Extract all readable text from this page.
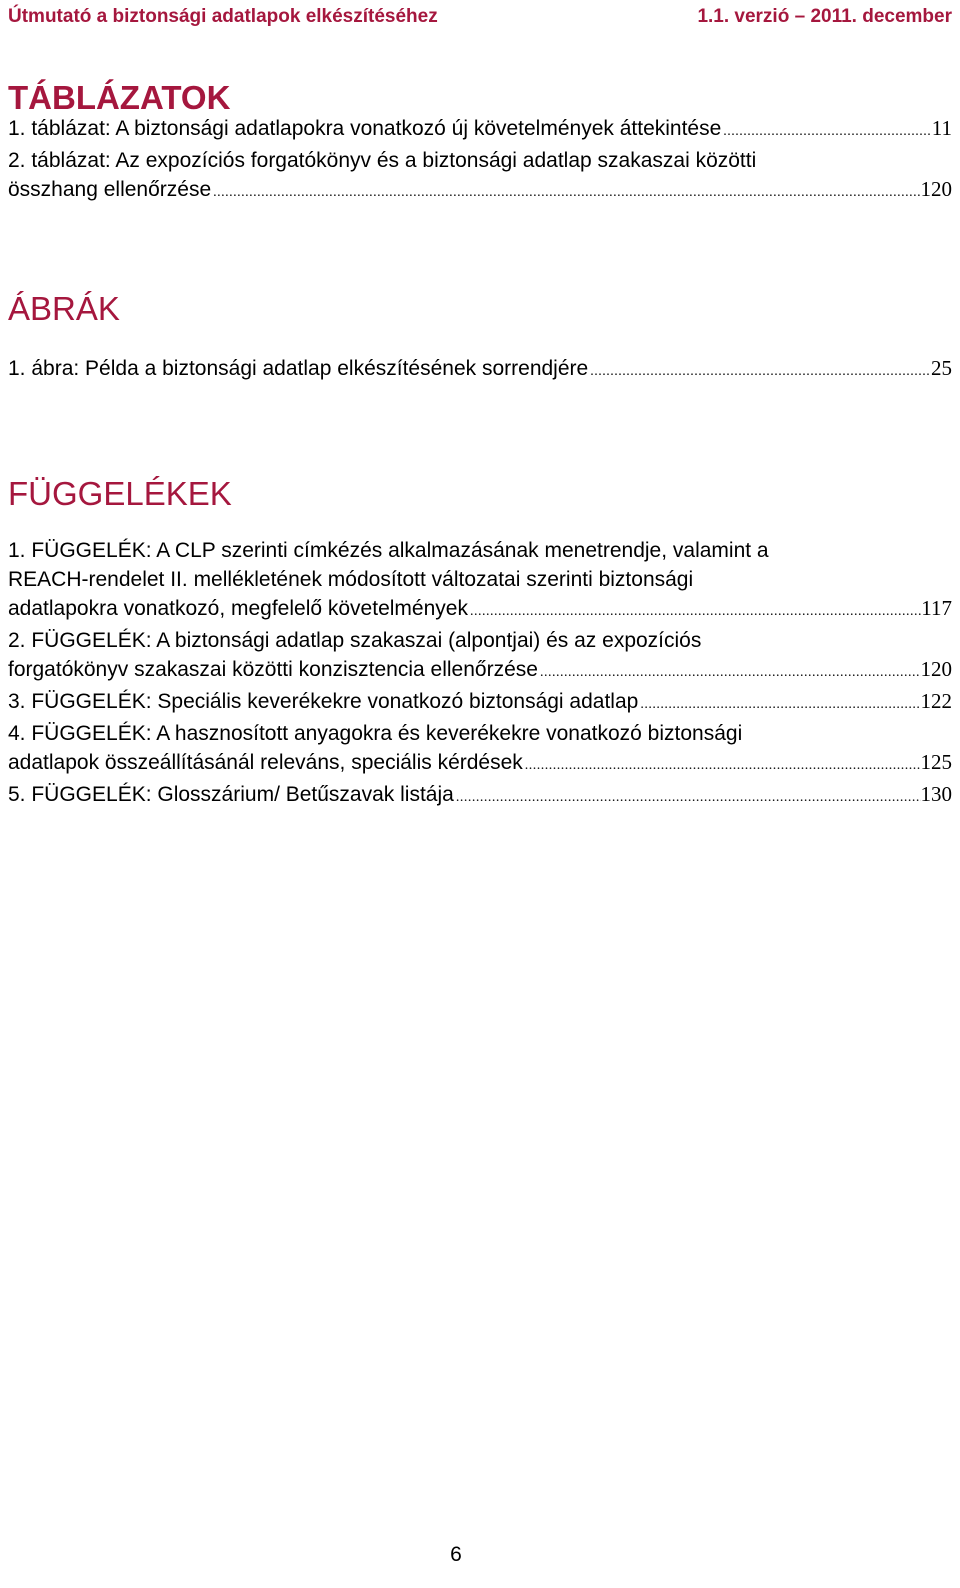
Útmutató a biztonsági adatlapok elkészítéséhez	1.1. verzió – 2011. december
TÁBLÁZATOK
1. táblázat: A biztonsági adatlapokra vonatkozó új követelmények áttekintése .....	11
2. táblázat: Az expozíciós forgatókönyv és a biztonsági adatlap szakaszai közötti
összhang ellenőrzése .....	120
ÁBRÁK
1. ábra: Példa a biztonsági adatlap elkészítésének sorrendjére .....	25
FÜGGELÉKEK
1. FÜGGELÉK: A CLP szerinti címkézés alkalmazásának menetrendje, valamint a
REACH-rendelet II. mellékletének módosított változatai szerinti biztonsági
adatlapokra vonatkozó, megfelelő követelmények .....	117
2. FÜGGELÉK: A biztonsági adatlap szakaszai (alpontjai) és az expozíciós
forgatókönyv szakaszai közötti konzisztencia ellenőrzése .....	120
3. FÜGGELÉK: Speciális keverékekre vonatkozó biztonsági adatlap .....	122
4. FÜGGELÉK: A hasznosított anyagokra és keverékekre vonatkozó biztonsági
adatlapok összeállításánál releváns, speciális kérdések .....	125
5. FÜGGELÉK: Glosszárium/ Betűszavak listája .....	130
6
